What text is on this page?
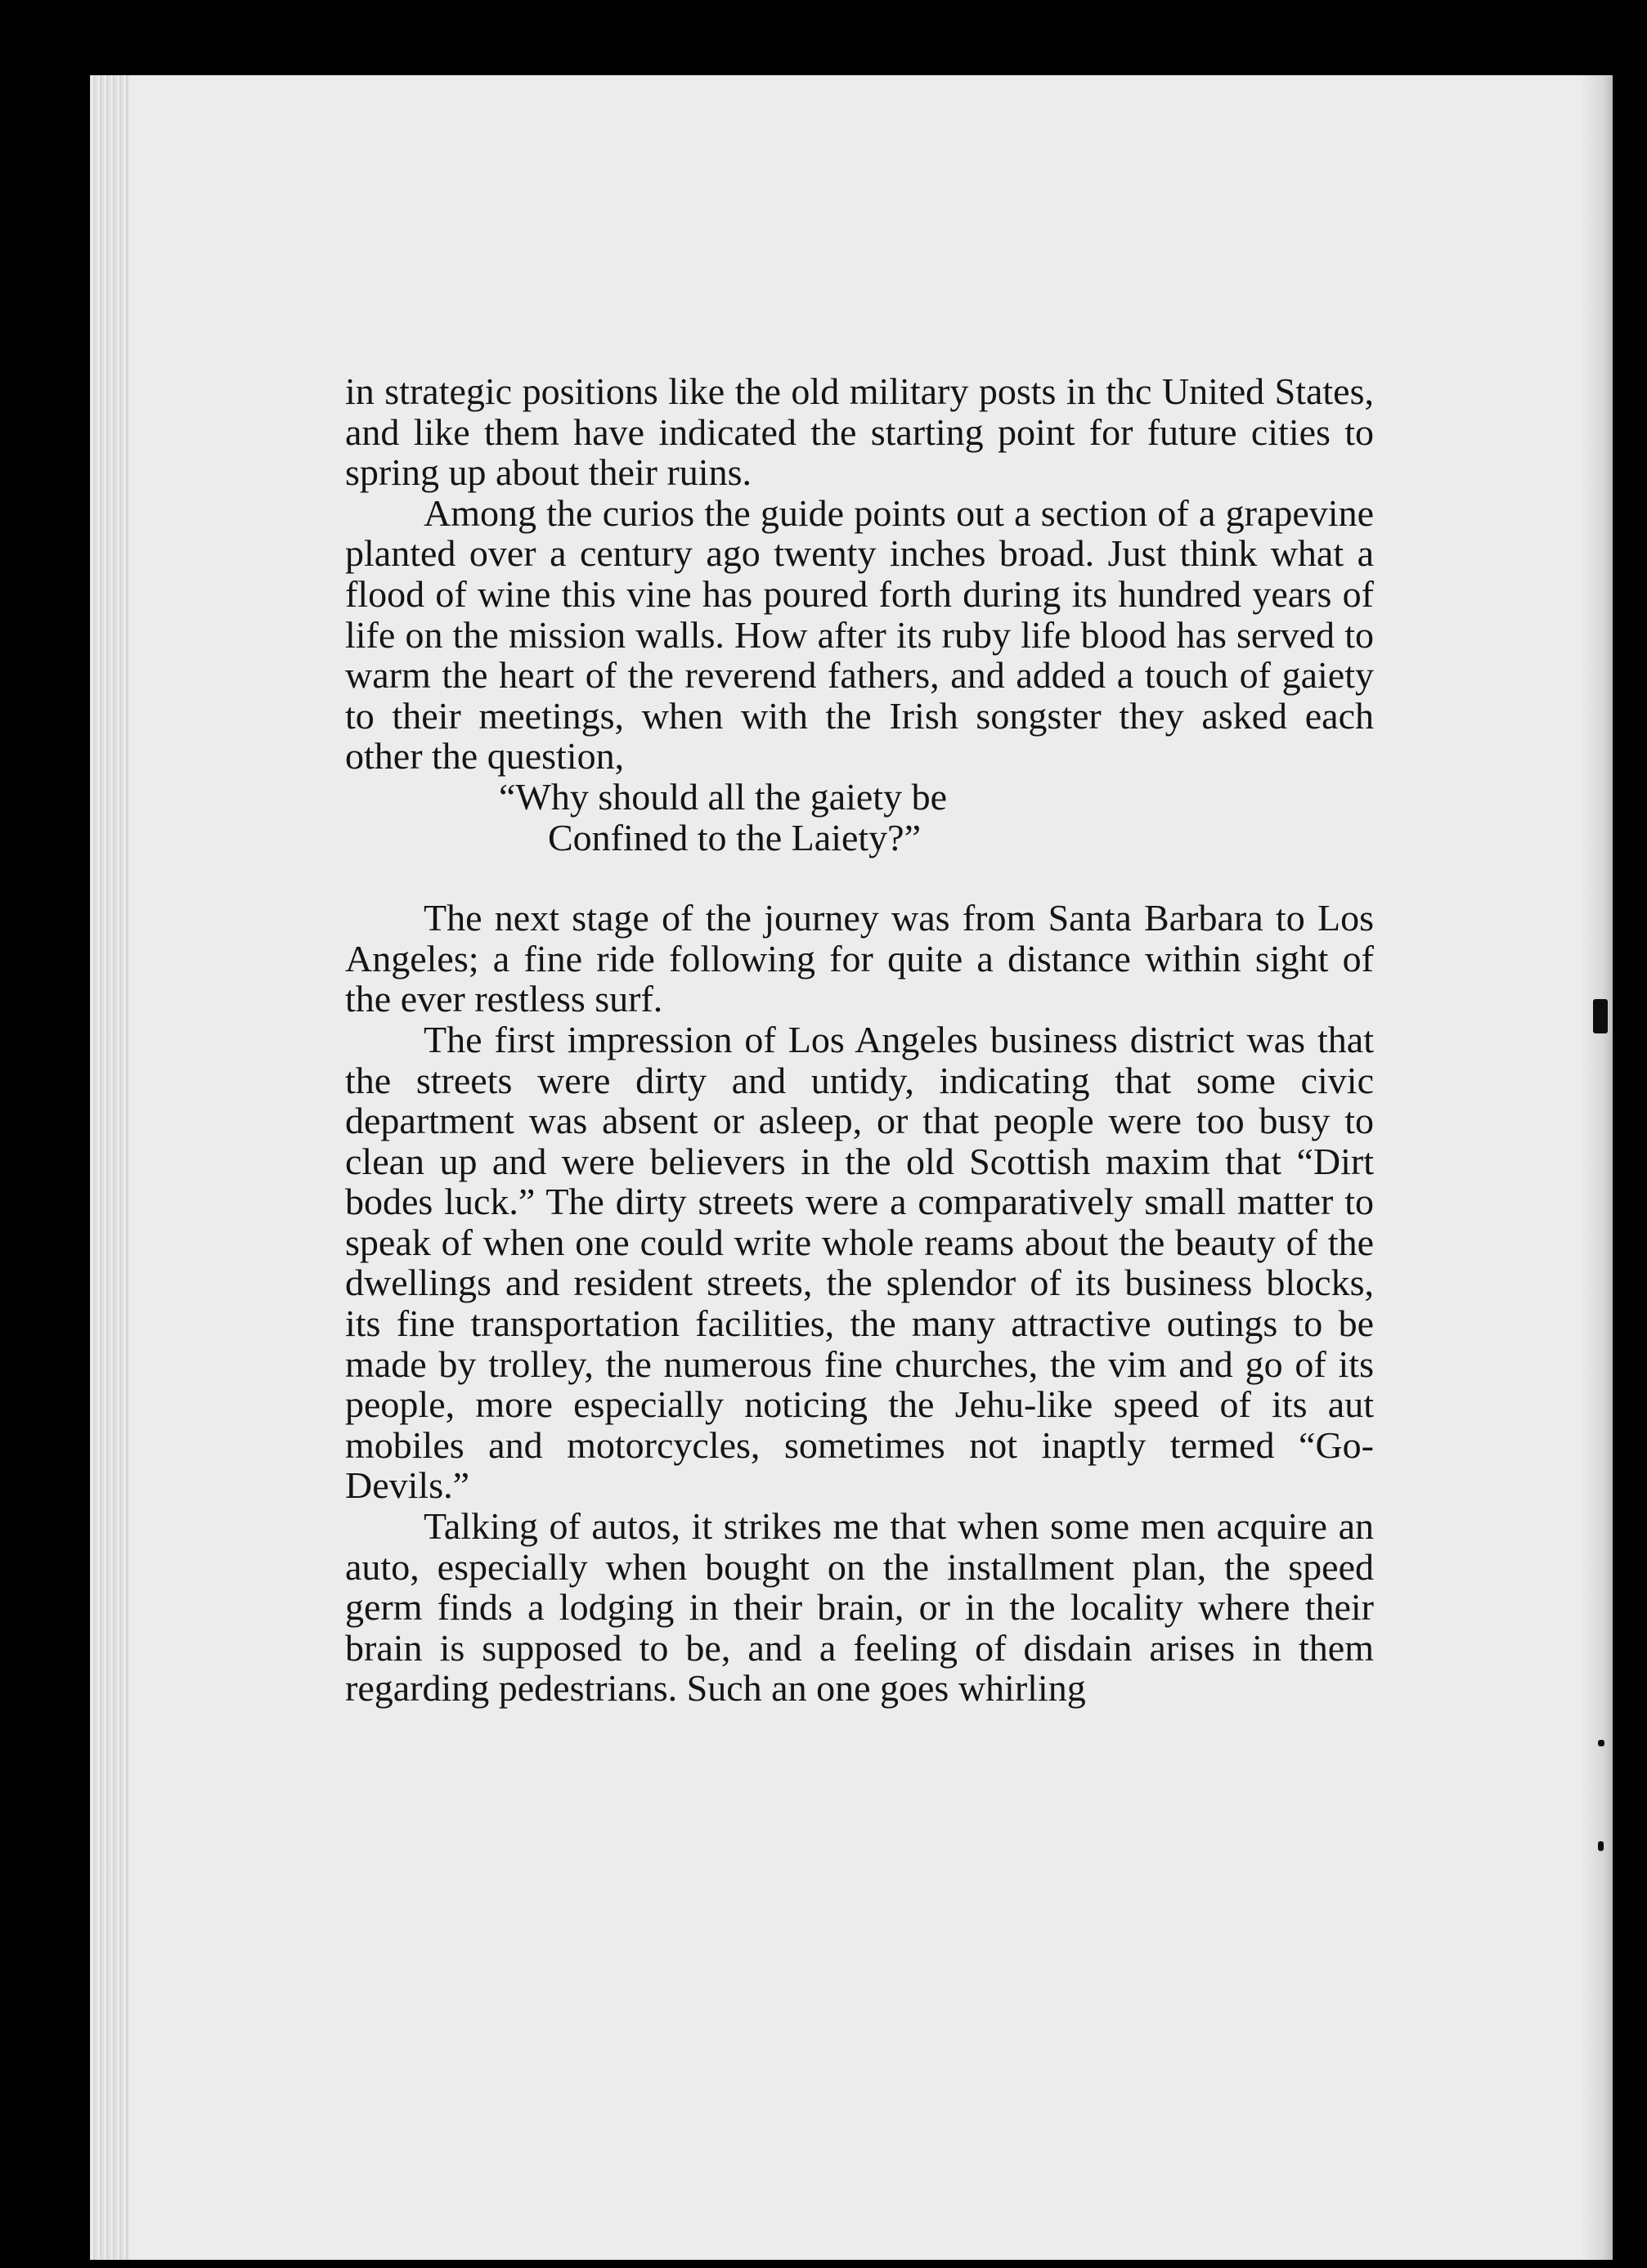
in strategic positions like the old military posts in thc United States, and like them have indicated the starting point for future cities to spring up about their ruins.

Among the curios the guide points out a section of a grapevine planted over a century ago twenty inches broad. Just think what a flood of wine this vine has poured forth during its hundred years of life on the mission walls. How after its ruby life blood has served to warm the heart of the reverend fathers, and added a touch of gaiety to their meetings, when with the Irish songster they asked each other the question,

“Why should all the gaiety be
Confined to the Laiety?”

The next stage of the journey was from Santa Barbara to Los Angeles; a fine ride following for quite a distance within sight of the ever restless surf.

The first impression of Los Angeles business district was that the streets were dirty and untidy, indicating that some civic department was absent or asleep, or that people were too busy to clean up and were believers in the old Scottish maxim that “Dirt bodes luck.” The dirty streets were a comparatively small matter to speak of when one could write whole reams about the beauty of the dwellings and resident streets, the splendor of its business blocks, its fine transportation facilities, the many attractive outings to be made by trolley, the numerous fine churches, the vim and go of its people, more especially noticing the Jehu-like speed of its aut mobiles and motorcycles, sometimes not inaptly termed “Go-Devils.”

Talking of autos, it strikes me that when some men acquire an auto, especially when bought on the installment plan, the speed germ finds a lodging in their brain, or in the locality where their brain is supposed to be, and a feeling of disdain arises in them regarding pedestrians. Such an one goes whirling
